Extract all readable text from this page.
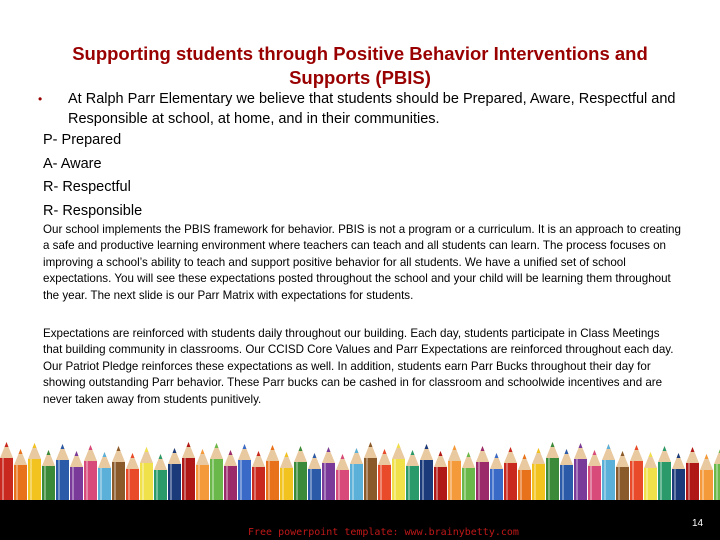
Supporting students through Positive Behavior Interventions and Supports (PBIS)
• At Ralph Parr Elementary we believe that students should be Prepared, Aware, Respectful and Responsible at school, at home, and in their communities.
P- Prepared
A- Aware
R- Respectful
R- Responsible

Our school implements the PBIS framework for behavior. PBIS is not a program or a curriculum. It is an approach to creating a safe and productive learning environment where teachers can teach and all students can learn. The process focuses on improving a school’s ability to teach and support positive behavior for all students. We have a unified set of school expectations. You will see these expectations posted throughout the school and your child will be learning them throughout the year. The next slide is our Parr Matrix with expectations for students.

Expectations are reinforced with students daily throughout our building. Each day, students participate in Class Meetings that building community in classrooms. Our CCISD Core Values and Parr Expectations are reinforced throughout each day. Our Patriot Pledge reinforces these expectations as well. In addition, students earn Parr Bucks throughout their day for showing outstanding Parr behavior. These Parr bucks can be cashed in for classroom and schoolwide incentives and are never taken away from students punitively.

Free powerpoint template: www.brainybetty.com
14
